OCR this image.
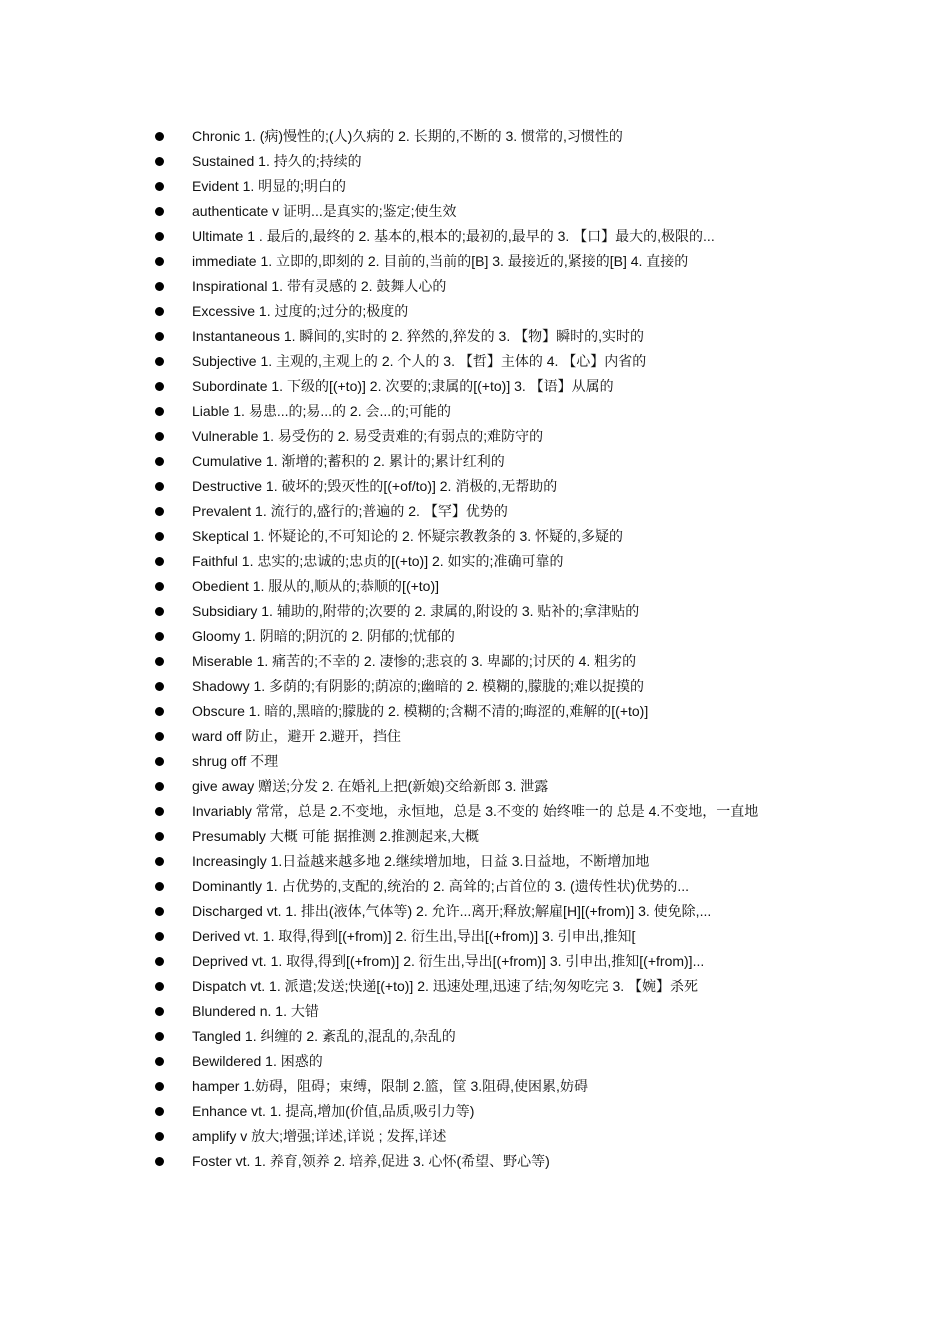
Chronic 1. (病)慢性的;(人)久病的 2. 长期的,不断的 3. 惯常的,习惯性的
Sustained 1. 持久的;持续的
Evident 1. 明显的;明白的
authenticate v 证明...是真实的;鉴定;使生效
Ultimate 1 . 最后的,最终的 2. 基本的,根本的;最初的,最早的 3. 【口】最大的,极限的...
immediate 1. 立即的,即刻的 2. 目前的,当前的[B] 3. 最接近的,紧接的[B] 4. 直接的
Inspirational 1. 带有灵感的 2. 鼓舞人心的
Excessive 1. 过度的;过分的;极度的
Instantaneous 1. 瞬间的,实时的 2. 猝然的,猝发的 3. 【物】瞬时的,实时的
Subjective 1. 主观的,主观上的 2. 个人的 3. 【哲】主体的 4. 【心】内省的
Subordinate 1. 下级的[(+to)] 2. 次要的;隶属的[(+to)] 3. 【语】从属的
Liable 1. 易患...的;易...的 2. 会...的;可能的
Vulnerable 1. 易受伤的 2. 易受责难的;有弱点的;难防守的
Cumulative 1. 渐增的;蓄积的 2. 累计的;累计红利的
Destructive 1. 破坏的;毁灭性的[(+of/to)] 2. 消极的,无帮助的
Prevalent 1. 流行的,盛行的;普遍的 2. 【罕】优势的
Skeptical 1. 怀疑论的,不可知论的 2. 怀疑宗教教条的 3. 怀疑的,多疑的
Faithful 1. 忠实的;忠诚的;忠贞的[(+to)] 2. 如实的;准确可靠的
Obedient 1. 服从的,顺从的;恭顺的[(+to)]
Subsidiary 1. 辅助的,附带的;次要的 2. 隶属的,附设的 3. 贴补的;拿津贴的
Gloomy 1. 阴暗的;阴沉的 2. 阴郁的;忧郁的
Miserable 1. 痛苦的;不幸的 2. 凄惨的;悲哀的 3. 卑鄙的;讨厌的 4. 粗劣的
Shadowy 1. 多荫的;有阴影的;荫凉的;幽暗的 2. 模糊的,朦胧的;难以捉摸的
Obscure 1. 暗的,黑暗的;朦胧的 2. 模糊的;含糊不清的;晦涩的,难解的[(+to)]
ward off 防止，避开 2.避开，挡住
shrug off 不理
give away 赠送;分发 2. 在婚礼上把(新娘)交给新郎 3. 泄露
Invariably 常常，总是 2.不变地，永恒地，总是 3.不变的 始终唯一的 总是 4.不变地，一直地
Presumably 大概 可能 据推测 2.推测起来,大概
Increasingly 1.日益越来越多地 2.继续增加地，日益 3.日益地，不断增加地
Dominantly 1. 占优势的,支配的,统治的 2. 高耸的;占首位的 3. (遗传性状)优势的...
Discharged vt. 1. 排出(液体,气体等) 2. 允许...离开;释放;解雇[H][(+from)] 3. 使免除,...
Derived vt. 1. 取得,得到[(+from)] 2. 衍生出,导出[(+from)] 3. 引申出,推知[
Deprived vt. 1. 取得,得到[(+from)] 2. 衍生出,导出[(+from)] 3. 引申出,推知[(+from)]...
Dispatch vt. 1. 派遣;发送;快递[(+to)] 2. 迅速处理,迅速了结;匆匆吃完 3. 【婉】杀死
Blundered n. 1. 大错
Tangled 1. 纠缠的 2. 紊乱的,混乱的,杂乱的
Bewildered 1. 困惑的
hamper 1.妨碍，阻碍；束缚，限制 2.篮，筐 3.阻碍,使困累,妨碍
Enhance vt. 1. 提高,增加(价值,品质,吸引力等)
amplify v 放大;增强;详述,详说 ; 发挥,详述
Foster vt. 1. 养育,领养 2. 培养,促进 3. 心怀(希望、野心等)
